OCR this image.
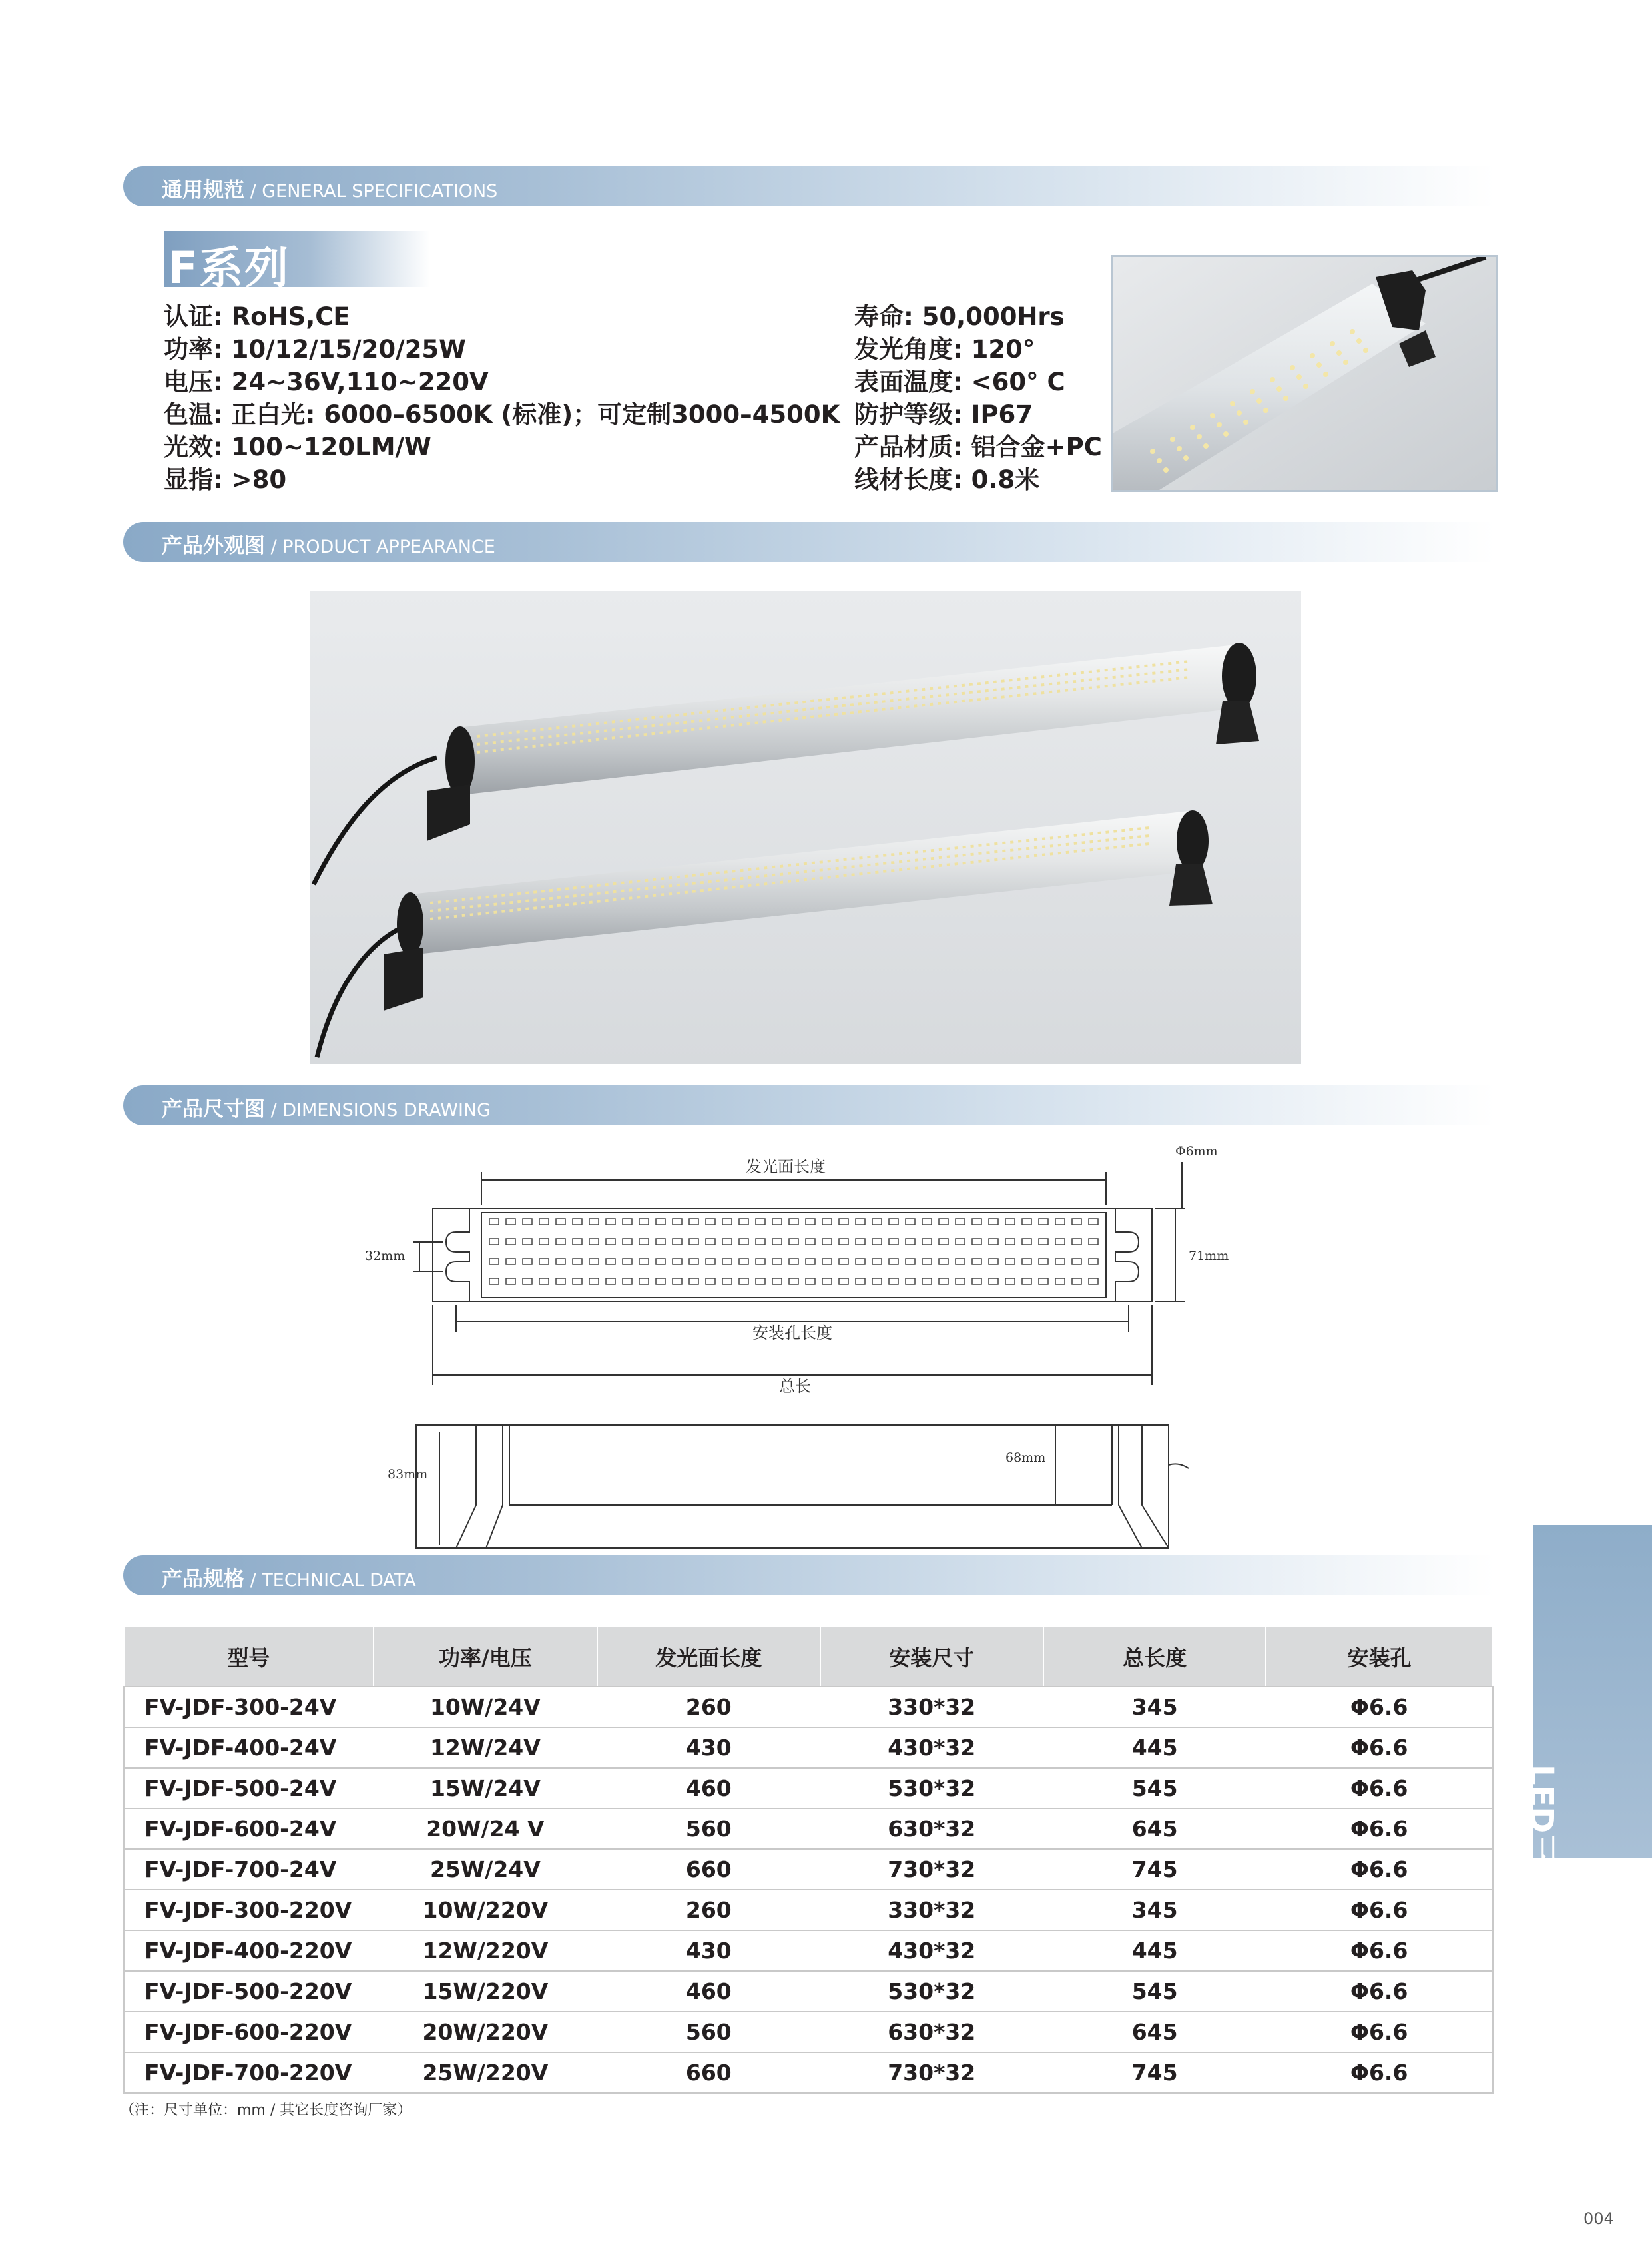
通用规范 / GENERAL SPECIFICATIONS
F系列
认证: RoHS,CE
功率: 10/12/15/20/25W
电压: 24~36V,110~220V
色温: 正白光: 6000–6500K (标准)；可定制3000–4500K
光效: 100~120LM/W
显指: >80
寿命: 50,000Hrs
发光角度: 120°
表面温度: <60° C
防护等级: IP67
产品材质: 铝合金+PC
线材长度: 0.8米
产品外观图 / PRODUCT APPEARANCE
产品尺寸图 / DIMENSIONS DRAWING
发光面长度
安装孔长度
总长
Φ6mm
32mm	71mm
83mm
68mm
产品规格 / TECHNICAL DATA
型号	功率/电压	发光面长度	安装尺寸	总长度	安装孔
FV-JDF-300-24V	10W/24V	260	330*32	345	Φ6.6
FV-JDF-400-24V	12W/24V	430	430*32	445	Φ6.6
FV-JDF-500-24V	15W/24V	460	530*32	545	Φ6.6
FV-JDF-600-24V	20W/24 V	560	630*32	645	Φ6.6
FV-JDF-700-24V	25W/24V	660	730*32	745	Φ6.6
FV-JDF-300-220V	10W/220V	260	330*32	345	Φ6.6
FV-JDF-400-220V	12W/220V	430	430*32	445	Φ6.6
FV-JDF-500-220V	15W/220V	460	530*32	545	Φ6.6
FV-JDF-600-220V	20W/220V	560	630*32	645	Φ6.6
FV-JDF-700-220V	25W/220V	660	730*32	745	Φ6.6
（注：尺寸单位：mm / 其它长度咨询厂家）
LED三防工作灯
004
